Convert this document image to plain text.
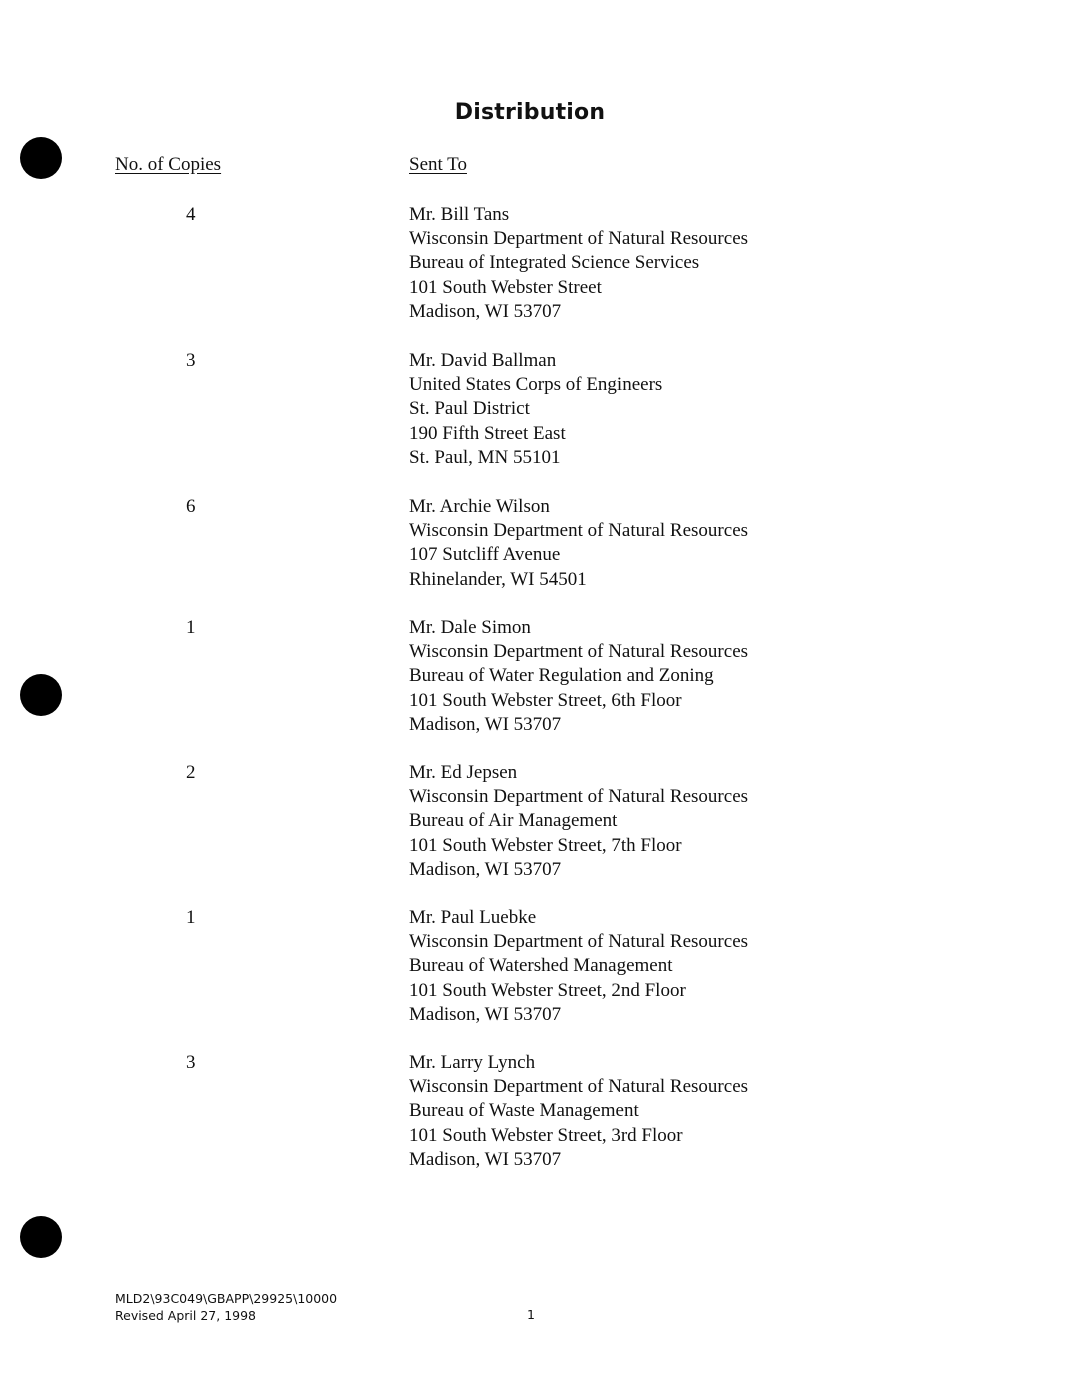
Distribution
No. of Copies	Sent To
4	Mr. Bill Tans
Wisconsin Department of Natural Resources
Bureau of Integrated Science Services
101 South Webster Street
Madison, WI 53707
3	Mr. David Ballman
United States Corps of Engineers
St. Paul District
190 Fifth Street East
St. Paul, MN 55101
6	Mr. Archie Wilson
Wisconsin Department of Natural Resources
107 Sutcliff Avenue
Rhinelander, WI 54501
1	Mr. Dale Simon
Wisconsin Department of Natural Resources
Bureau of Water Regulation and Zoning
101 South Webster Street, 6th Floor
Madison, WI 53707
2	Mr. Ed Jepsen
Wisconsin Department of Natural Resources
Bureau of Air Management
101 South Webster Street, 7th Floor
Madison, WI 53707
1	Mr. Paul Luebke
Wisconsin Department of Natural Resources
Bureau of Watershed Management
101 South Webster Street, 2nd Floor
Madison, WI 53707
3	Mr. Larry Lynch
Wisconsin Department of Natural Resources
Bureau of Waste Management
101 South Webster Street, 3rd Floor
Madison, WI 53707
MLD2\93C049\GBAPP\29925\10000
Revised April 27, 1998	1
